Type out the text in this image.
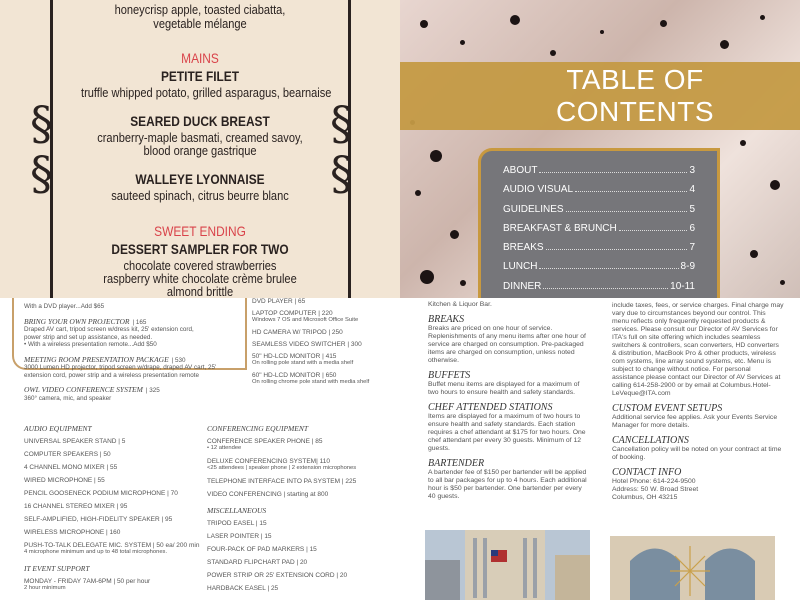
§	§
§	§
honeycrisp apple, toasted ciabatta,
vegetable mélange
MAINS
PETITE FILET
truffle whipped potato, grilled asparagus, bearnaise
SEARED DUCK BREAST
cranberry-maple basmati, creamed savoy,
blood orange gastrique
WALLEYE LYONNAISE
sauteed spinach, citrus beurre blanc
SWEET ENDING
DESSERT SAMPLER FOR TWO
chocolate covered strawberries
raspberry white chocolate crème brulee
almond brittle
TABLE OF
CONTENTS
ABOUT	3
AUDIO VISUAL	4
GUIDELINES	5
BREAKFAST & BRUNCH	6
BREAKS	7
LUNCH	8-9
DINNER	10-11
With a DVD player...Add $65
BRING YOUR OWN PROJECTOR | 165
Draped AV cart, tripod screen w/dress kit, 25' extension cord,
power strip and set up assistance, as needed.
• With a wireless presentation remote...Add $50
MEETING ROOM PRESENTATION PACKAGE | 530
3000 Lumen HD projector, tripod screen w/drape, draped AV cart, 25'
extension cord, power strip and a wireless presentation remote
OWL VIDEO CONFERENCE SYSTEM | 325
360° camera, mic, and speaker
DVD PLAYER | 65
LAPTOP COMPUTER | 220
Windows 7 OS and Microsoft Office Suite
HD CAMERA W/ TRIPOD | 250
SEAMLESS VIDEO SWITCHER | 300
50" HD-LCD MONITOR | 415
On rolling pole stand with a media shelf
60" HD-LCD MONITOR | 650
On rolling chrome pole stand with media shelf
AUDIO EQUIPMENT
UNIVERSAL SPEAKER STAND | 5
COMPUTER SPEAKERS | 50
4 CHANNEL MONO MIXER | 55
WIRED MICROPHONE | 55
PENCIL GOOSENECK PODIUM MICROPHONE | 70
16 CHANNEL STEREO MIXER | 95
SELF-AMPLIFIED, HIGH-FIDELITY SPEAKER | 95
WIRELESS MICROPHONE | 160
PUSH-TO-TALK DELEGATE MIC. SYSTEM | 50 ea/ 200 min
4 microphone minimum and up to 48 total microphones.
IT EVENT SUPPORT
MONDAY - FRIDAY 7AM-6PM | 50 per hour
2 hour minimum
CONFERENCING EQUIPMENT
CONFERENCE SPEAKER PHONE | 85
• 12 attendee
DELUXE CONFERENCING SYSTEM| 110
<25 attendees | speaker phone | 2 extension microphones
TELEPHONE INTERFACE INTO PA SYSTEM | 225
VIDEO CONFERENCING | starting at 800
MISCELLANEOUS
TRIPOD EASEL | 15
LASER POINTER | 15
FOUR-PACK OF PAD MARKERS | 15
STANDARD FLIPCHART PAD | 20
POWER STRIP OR 25' EXTENSION CORD | 20
HARDBACK EASEL | 25
Kitchen & Liquor Bar.
BREAKS
Breaks are priced on one hour of service. Replenishments of any menu items after one hour of service are charged on consumption. Pre-packaged items are charged on consumption, unless noted otherwise.
BUFFETS
Buffet menu items are displayed for a maximum of two hours to ensure health and safety standards.
CHEF ATTENDED STATIONS
Items are displayed for a maximum of two hours to ensure health and safety standards. Each station requires a chef attendant at $175 for two hours. One chef attendant per every 30 guests. Minimum of 12 guests.
BARTENDER
A bartender fee of $150 per bartender will be applied to all bar packages for up to 4 hours. Each additional hour is $50 per bartender. One bartender per every 40 guests.
include taxes, fees, or service charges. Final charge may vary due to circumstances beyond our control. This menu reflects only frequently requested products & services. Please consult our Director of AV Services for ITA's full on site offering which includes seamless switchers & controllers, scan converters, HD converters & distribution, MacBook Pro & other products, wireless com systems, line array sound systems, etc. Menu is subject to change without notice. For personal assistance please contact our Director of AV Services at calling 614-258-2900 or by email at Columbus.Hotel-LeVeque@ITA.com
CUSTOM EVENT SETUPS
Additional service fee applies. Ask your Events Service Manager for more details.
CANCELLATIONS
Cancellation policy will be noted on your contract at time of booking.
CONTACT INFO
Hotel Phone: 614-224-9500
Address: 50 W. Broad Street
Columbus, OH 43215
